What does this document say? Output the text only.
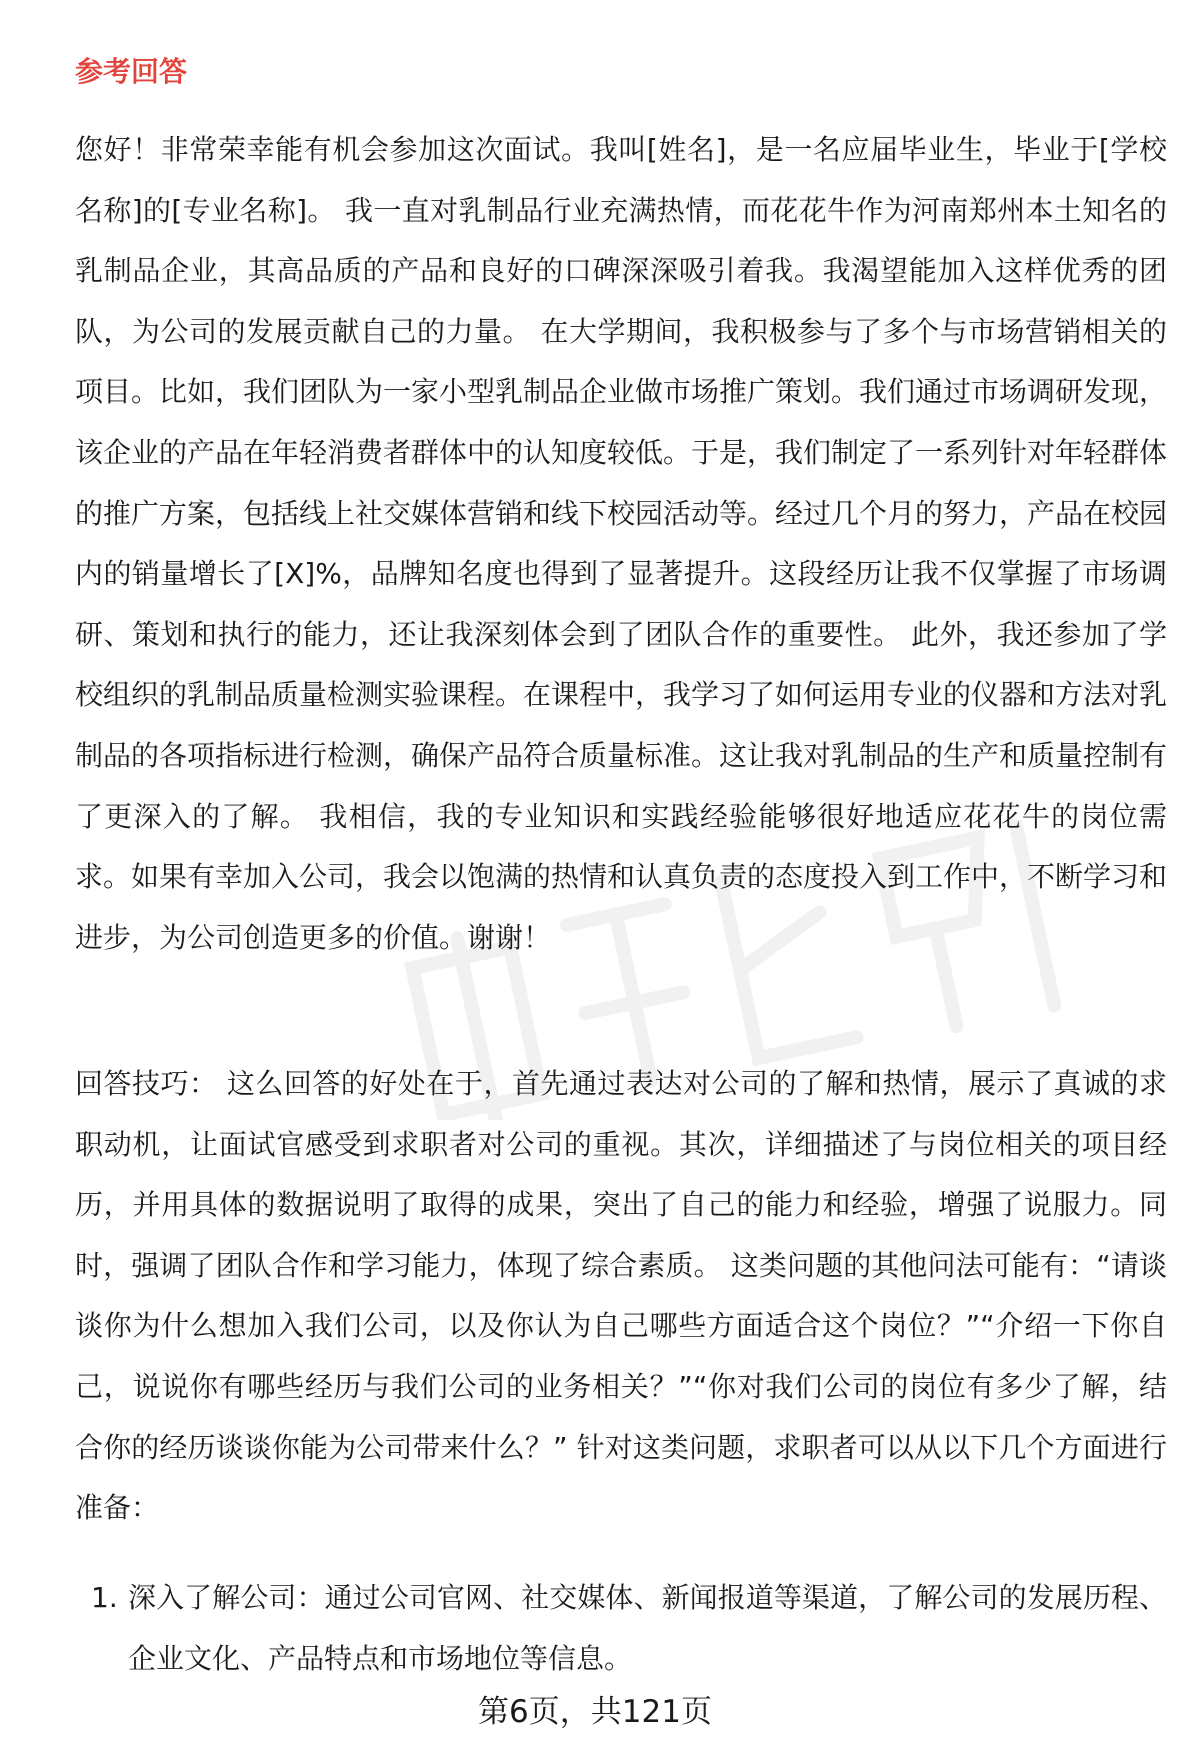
参考回答

您好！非常荣幸能有机会参加这次面试。我叫[姓名]，是一名应届毕业生，毕业于[学校名称]的[专业名称]。 我一直对乳制品行业充满热情，而花花牛作为河南郑州本土知名的乳制品企业，其高品质的产品和良好的口碑深深吸引着我。我渴望能加入这样优秀的团队，为公司的发展贡献自己的力量。 在大学期间，我积极参与了多个与市场营销相关的项目。比如，我们团队为一家小型乳制品企业做市场推广策划。我们通过市场调研发现，该企业的产品在年轻消费者群体中的认知度较低。于是，我们制定了一系列针对年轻群体的推广方案，包括线上社交媒体营销和线下校园活动等。经过几个月的努力，产品在校园内的销量增长了[X]%，品牌知名度也得到了显著提升。这段经历让我不仅掌握了市场调研、策划和执行的能力，还让我深刻体会到了团队合作的重要性。 此外，我还参加了学校组织的乳制品质量检测实验课程。在课程中，我学习了如何运用专业的仪器和方法对乳制品的各项指标进行检测，确保产品符合质量标准。这让我对乳制品的生产和质量控制有了更深入的了解。 我相信，我的专业知识和实践经验能够很好地适应花花牛的岗位需求。如果有幸加入公司，我会以饱满的热情和认真负责的态度投入到工作中，不断学习和进步，为公司创造更多的价值。谢谢！

回答技巧： 这么回答的好处在于，首先通过表达对公司的了解和热情，展示了真诚的求职动机，让面试官感受到求职者对公司的重视。其次，详细描述了与岗位相关的项目经历，并用具体的数据说明了取得的成果，突出了自己的能力和经验，增强了说服力。同时，强调了团队合作和学习能力，体现了综合素质。 这类问题的其他问法可能有：“请谈谈你为什么想加入我们公司，以及你认为自己哪些方面适合这个岗位？”“介绍一下你自己，说说你有哪些经历与我们公司的业务相关？”“你对我们公司的岗位有多少了解，结合你的经历谈谈你能为公司带来什么？” 针对这类问题，求职者可以从以下几个方面进行准备：

1. 深入了解公司：通过公司官网、社交媒体、新闻报道等渠道，了解公司的发展历程、企业文化、产品特点和市场地位等信息。
第6页，共121页
